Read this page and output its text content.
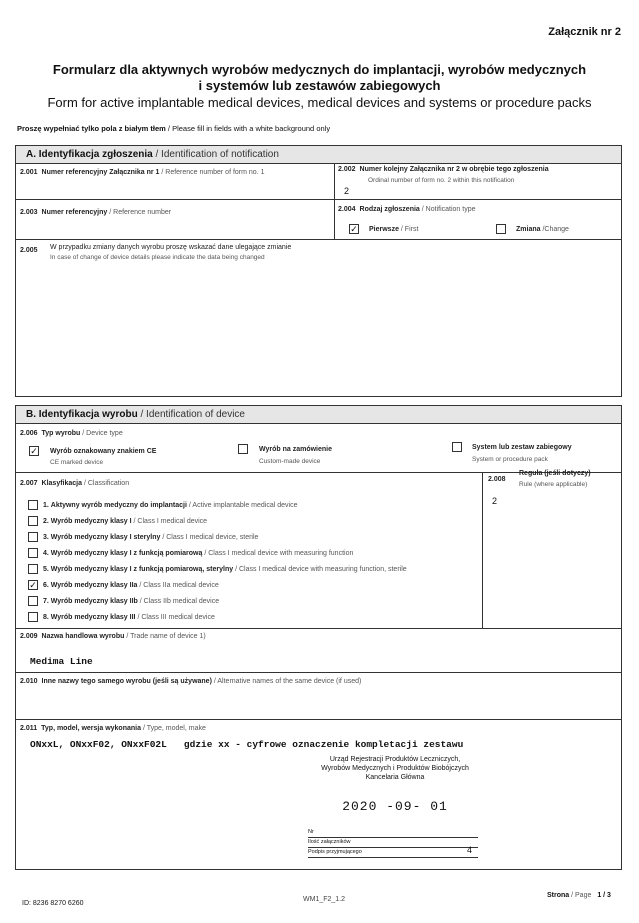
Załącznik nr 2
Formularz dla aktywnych wyrobów medycznych do implantacji, wyrobów medycznych
i systemów lub zestawów zabiegowych
Form for active implantable medical devices, medical devices and systems or procedure packs
Proszę wypełniać tylko pola z białym tłem / Please fill in fields with a white background only
A. Identyfikacja zgłoszenia / Identification of notification
2.001 Numer referencyjny Załącznika nr 1 / Reference number of form no. 1	2.002 Numer kolejny Załącznika nr 2 w obrębie tego zgłoszenia
Ordinal number of form no. 2 within this notification
2
2.003 Numer referencyjny / Reference number	2.004 Rodzaj zgłoszenia / Notification type
✓ Pierwsze / First	Zmiana /Change
2.005	W przypadku zmiany danych wyrobu proszę wskazać dane ulegające zmianie
In case of change of device details please indicate the data being changed
B. Identyfikacja wyrobu / Identification of device
2.006 Typ wyrobu / Device type
✓ Wyrób oznakowany znakiem CE
CE marked device
Wyrób na zamówienie
Custom-made device
System lub zestaw zabiegowy
System or procedure pack
2.007 Klasyfikacja / Classification
1. Aktywny wyrób medyczny do implantacji / Active implantable medical device
2. Wyrób medyczny klasy I / Class I medical device
3. Wyrób medyczny klasy I sterylny / Class I medical device, sterile
4. Wyrób medyczny klasy I z funkcją pomiarową / Class I medical device with measuring function
5. Wyrób medyczny klasy I z funkcją pomiarową, sterylny / Class I medical device with measuring function, sterile
✓ 6. Wyrób medyczny klasy IIa / Class IIa medical device
7. Wyrób medyczny klasy IIb / Class IIb medical device
8. Wyrób medyczny klasy III / Class III medical device
2.008
Reguła (jeśli dotyczy)
Rule (where applicable)
2
2.009 Nazwa handlowa wyrobu / Trade name of device 1)
Medima Line
2.010 Inne nazwy tego samego wyrobu (jeśli są używane) / Alternative names of the same device (if used)
2.011 Typ, model, wersja wykonania / Type, model, make
ONxxL, ONxxF02, ONxxF02L   gdzie xx - cyfrowe oznaczenie kompletacji zestawu
Urząd Rejestracji Produktów Leczniczych,
Wyrobów Medycznych i Produktów Biobójczych
Kancelaria Główna
2020 -09- 01
Nr
Ilość załączników
Podpis przyjmującego	4
ID: 8236 8270 6260
WM1_F2_1.2
Strona / Page 1 / 3
